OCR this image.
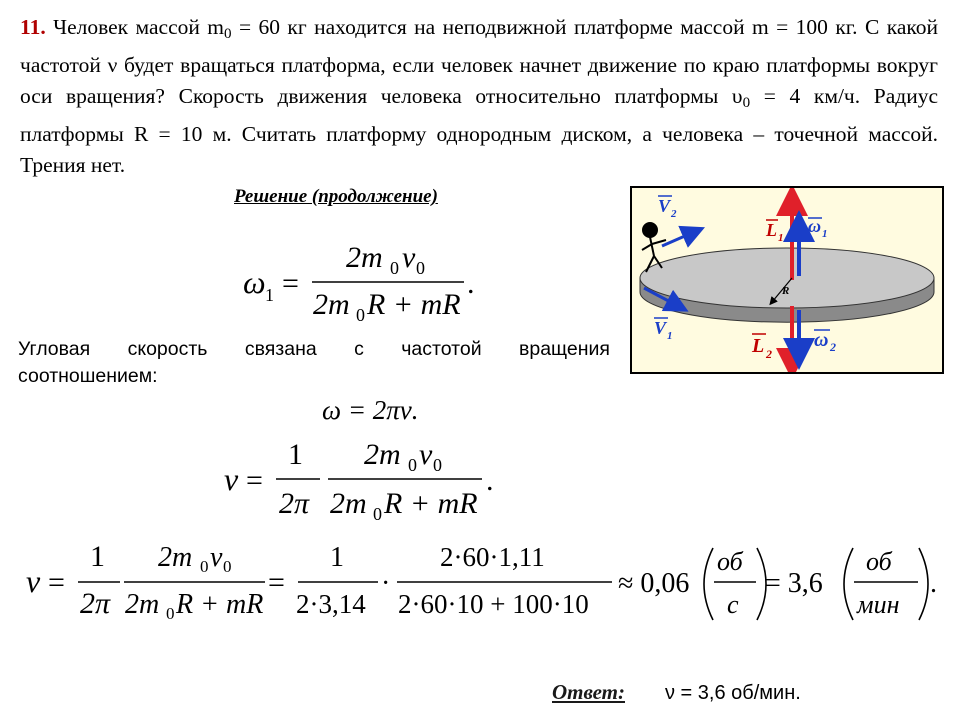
11. Человек массой $m_0 = 60$ кг находится на неподвижной платформе массой m = 100 кг. С какой частотой ν будет вращаться платформа, если человек начнет движение по краю платформы вокруг оси вращения? Скорость движения человека относительно платформы $\upsilon_0 = 4$ км/ч. Радиус платформы R = 10 м. Считать платформу однородным диском, а человека – точечной массой. Трения нет.
Решение (продолжение)
Угловая скорость связана с частотой вращения
соотношением:
ω 1 =
2m 0 v 0
2m 0 R + mR
.
ω = 2πν.
ν =
1
2π
2m 0 v 0
2m 0 R + mR
.
ν =
1
2π
2m 0 v 0
2m 0 R + mR
=
1
2·3,14
·
2·60·1,11
2·60·10 + 100·10
≈ 0,06
об
с
= 3,6
об
мин
.
R
V 2
V 1
L 1
L 2
ω 1
ω 2
Ответ: ν = 3,6 об/мин.
